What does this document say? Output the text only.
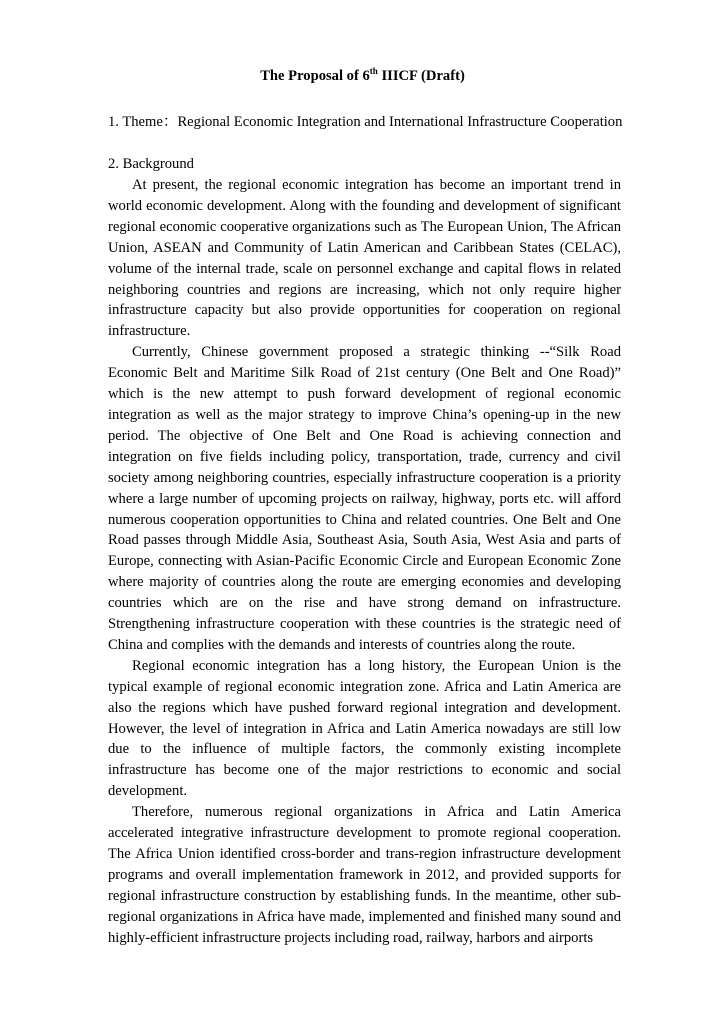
The Proposal of 6th IIICF (Draft)
1. Theme：Regional Economic Integration and International Infrastructure Cooperation
2. Background

At present, the regional economic integration has become an important trend in world economic development. Along with the founding and development of significant regional economic cooperative organizations such as The European Union, The African Union, ASEAN and Community of Latin American and Caribbean States (CELAC), volume of the internal trade, scale on personnel exchange and capital flows in related neighboring countries and regions are increasing, which not only require higher infrastructure capacity but also provide opportunities for cooperation on regional infrastructure.

Currently, Chinese government proposed a strategic thinking --“Silk Road Economic Belt and Maritime Silk Road of 21st century (One Belt and One Road)” which is the new attempt to push forward development of regional economic integration as well as the major strategy to improve China’s opening-up in the new period. The objective of One Belt and One Road is achieving connection and integration on five fields including policy, transportation, trade, currency and civil society among neighboring countries, especially infrastructure cooperation is a priority where a large number of upcoming projects on railway, highway, ports etc. will afford numerous cooperation opportunities to China and related countries. One Belt and One Road passes through Middle Asia, Southeast Asia, South Asia, West Asia and parts of Europe, connecting with Asian-Pacific Economic Circle and European Economic Zone where majority of countries along the route are emerging economies and developing countries which are on the rise and have strong demand on infrastructure. Strengthening infrastructure cooperation with these countries is the strategic need of China and complies with the demands and interests of countries along the route.

Regional economic integration has a long history, the European Union is the typical example of regional economic integration zone. Africa and Latin America are also the regions which have pushed forward regional integration and development. However, the level of integration in Africa and Latin America nowadays are still low due to the influence of multiple factors, the commonly existing incomplete infrastructure has become one of the major restrictions to economic and social development.

Therefore, numerous regional organizations in Africa and Latin America accelerated integrative infrastructure development to promote regional cooperation. The Africa Union identified cross-border and trans-region infrastructure development programs and overall implementation framework in 2012, and provided supports for regional infrastructure construction by establishing funds. In the meantime, other sub-regional organizations in Africa have made, implemented and finished many sound and highly-efficient infrastructure projects including road, railway, harbors and airports
